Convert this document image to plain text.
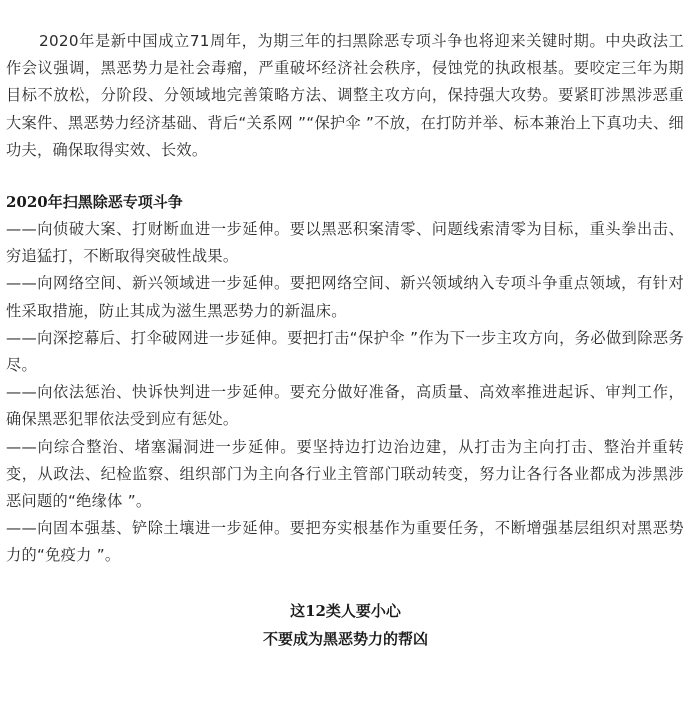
2020年是新中国成立71周年，为期三年的扫黑除恶专项斗争也将迎来关键时期。中央政法工作会议强调，黑恶势力是社会毒瘤，严重破坏经济社会秩序，侵蚀党的执政根基。要咬定三年为期目标不放松，分阶段、分领域地完善策略方法、调整主攻方向，保持强大攻势。要紧盯涉黑涉恶重大案件、黑恶势力经济基础、背后“关系网 ”“保护伞 ”不放，在打防并举、标本兼治上下真功夫、细功夫，确保取得实效、长效。

2020年扫黑除恶专项斗争

——向侦破大案、打财断血进一步延伸。要以黑恶积案清零、问题线索清零为目标，重头拳出击、穷追猛打，不断取得突破性战果。

——向网络空间、新兴领域进一步延伸。要把网络空间、新兴领域纳入专项斗争重点领域，有针对性采取措施，防止其成为滋生黑恶势力的新温床。

——向深挖幕后、打伞破网进一步延伸。要把打击“保护伞 ”作为下一步主攻方向，务必做到除恶务尽。

——向依法惩治、快诉快判进一步延伸。要充分做好准备，高质量、高效率推进起诉、审判工作，确保黑恶犯罪依法受到应有惩处。

——向综合整治、堵塞漏洞进一步延伸。要坚持边打边治边建，从打击为主向打击、整治并重转变，从政法、纪检监察、组织部门为主向各行业主管部门联动转变，努力让各行各业都成为涉黑涉恶问题的“绝缘体 ”。

——向固本强基、铲除土壤进一步延伸。要把夯实根基作为重要任务，不断增强基层组织对黑恶势力的“免疫力 ”。

这12类人要小心
不要成为黑恶势力的帮凶
